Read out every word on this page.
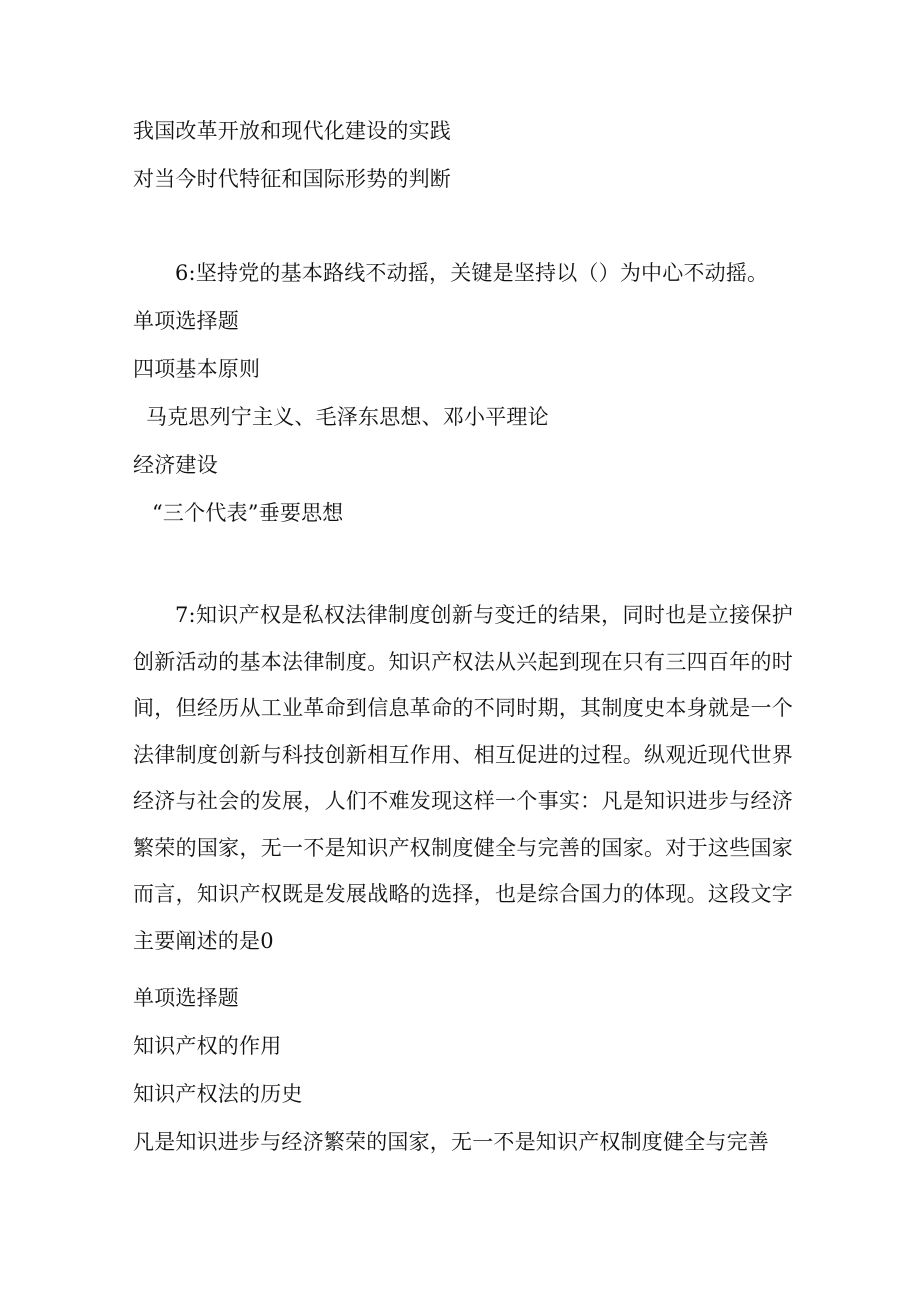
我国改革开放和现代化建设的实践

对当今时代特征和国际形势的判断

6:坚持党的基本路线不动摇，关键是坚持以（）为中心不动摇。

单项选择题

四项基本原则

马克思列宁主义、毛泽东思想、邓小平理论

经济建设

“三个代表”垂要思想

7:知识产权是私权法律制度创新与变迁的结果，同时也是立接保护创新活动的基本法律制度。知识产权法从兴起到现在只有三四百年的时间，但经历从工业革命到信息革命的不同时期，其制度史本身就是一个法律制度创新与科技创新相互作用、相互促进的过程。纵观近现代世界经济与社会的发展，人们不难发现这样一个事实：凡是知识进步与经济繁荣的国家，无一不是知识产权制度健全与完善的国家。对于这些国家而言，知识产权既是发展战略的选择，也是综合国力的体现。这段文字主要阐述的是0

单项选择题

知识产权的作用

知识产权法的历史

凡是知识进步与经济繁荣的国家，无一不是知识产权制度健全与完善
